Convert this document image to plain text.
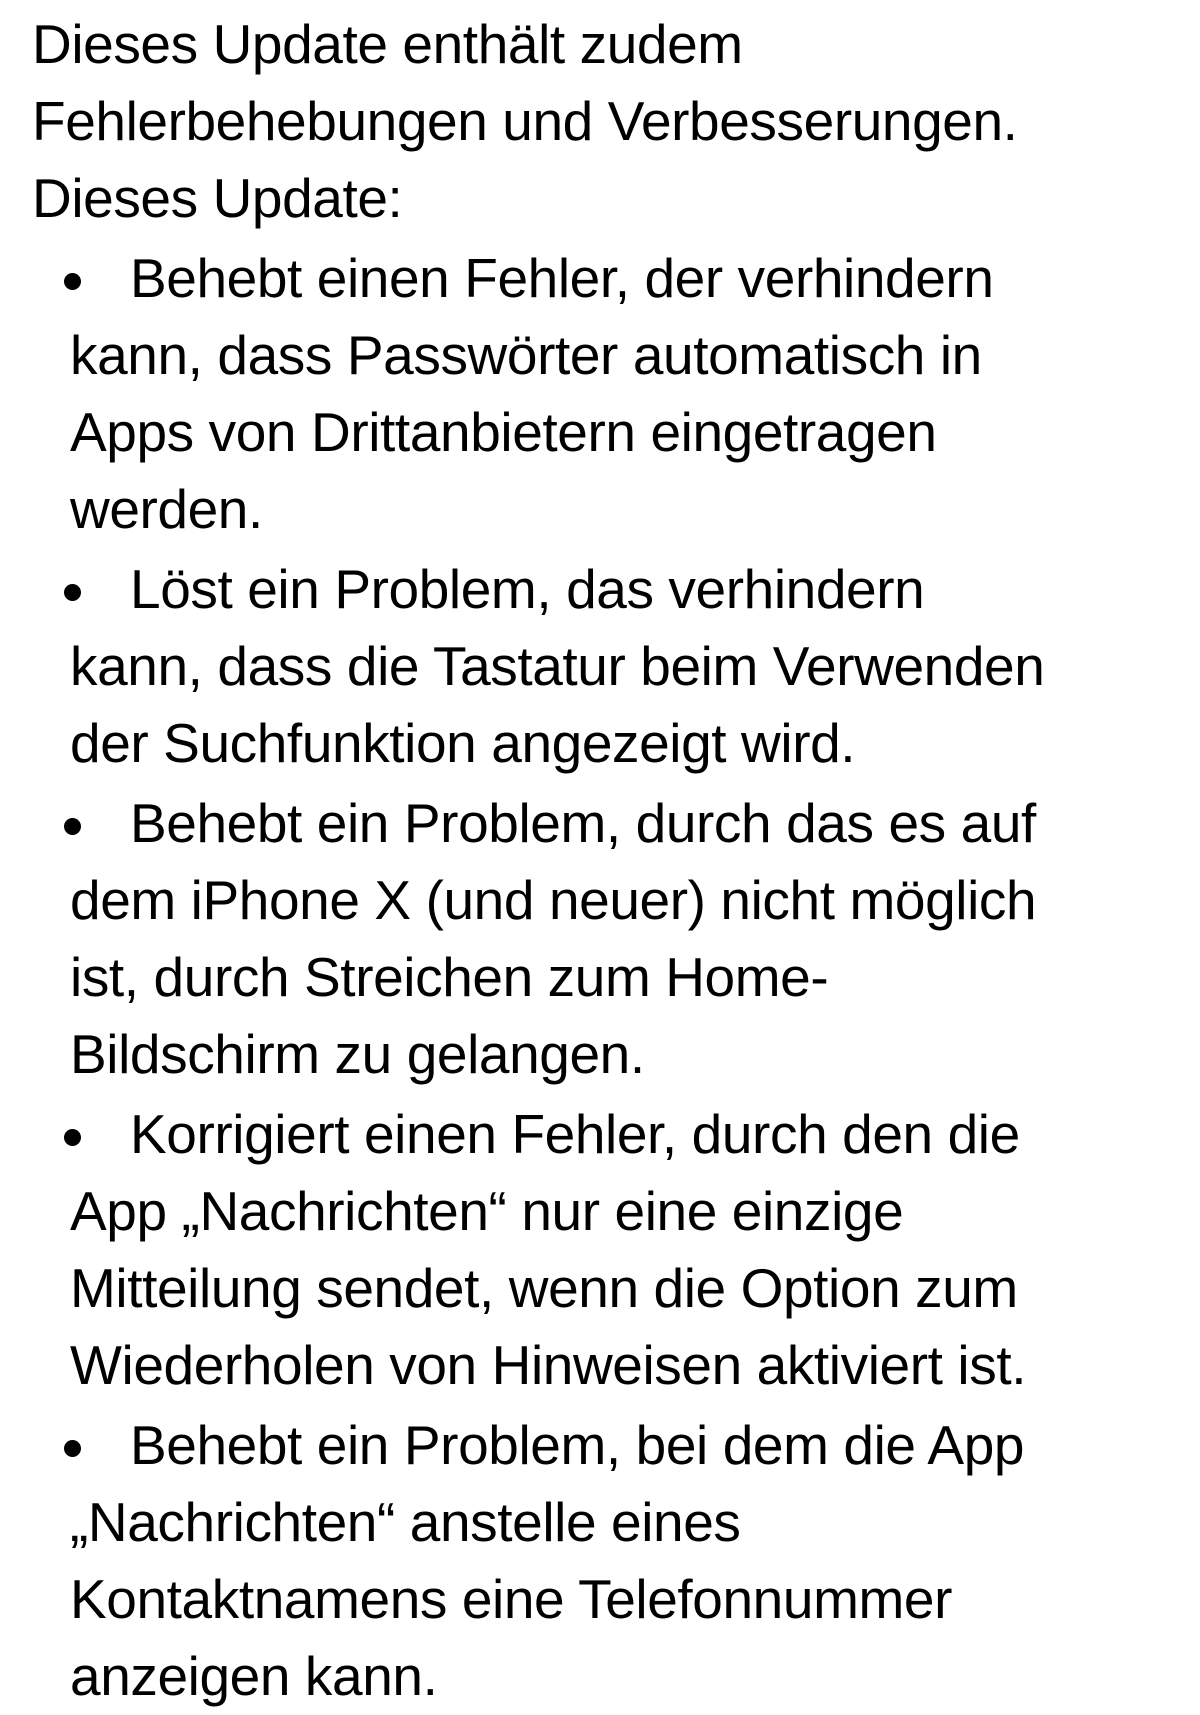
Dieses Update enthält zudem
Fehlerbehebungen und Verbesserungen.
Dieses Update:
Behebt einen Fehler, der verhindern
kann, dass Passwörter automatisch in
Apps von Drittanbietern eingetragen
werden.
Löst ein Problem, das verhindern
kann, dass die Tastatur beim Verwenden
der Suchfunktion angezeigt wird.
Behebt ein Problem, durch das es auf
dem iPhone X (und neuer) nicht möglich
ist, durch Streichen zum Home-
Bildschirm zu gelangen.
Korrigiert einen Fehler, durch den die
App „Nachrichten“ nur eine einzige
Mitteilung sendet, wenn die Option zum
Wiederholen von Hinweisen aktiviert ist.
Behebt ein Problem, bei dem die App
„Nachrichten“ anstelle eines
Kontaktnamens eine Telefonnummer
anzeigen kann.
